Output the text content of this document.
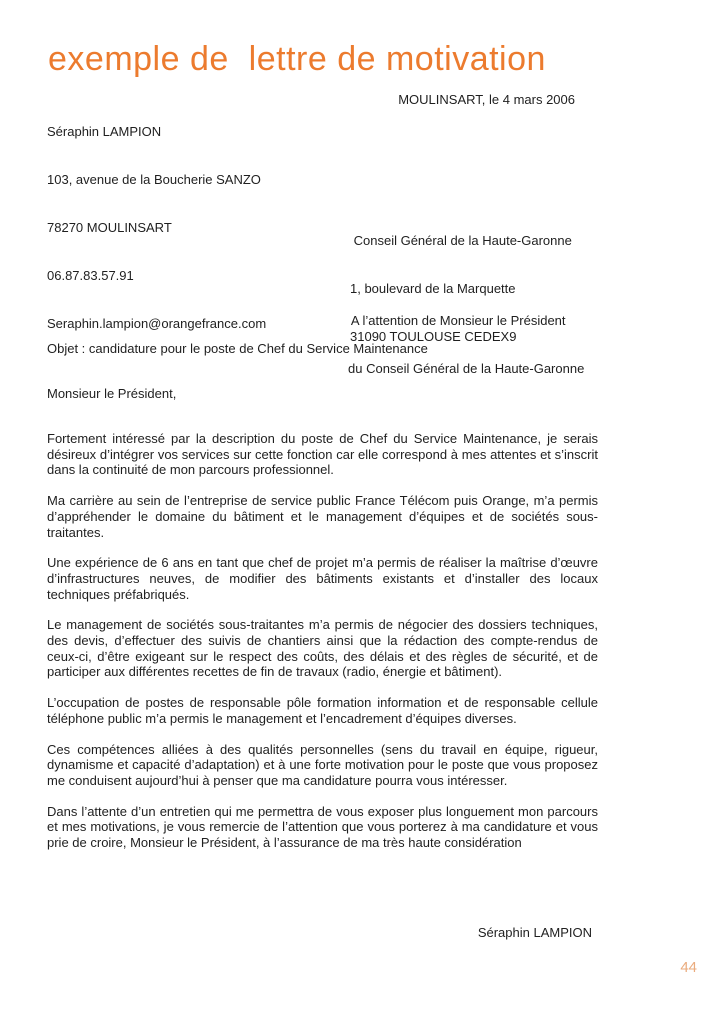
exemple de  lettre de motivation

Séraphin LAMPION

103, avenue de la Boucherie SANZO

78270 MOULINSART

06.87.83.57.91

Seraphin.lampion@orangefrance.com

MOULINSART, le 4 mars 2006

Conseil Général de la Haute-Garonne

1, boulevard de la Marquette

31090 TOULOUSE CEDEX9

A l’attention de Monsieur le Président

du Conseil Général de la Haute-Garonne

Objet : candidature pour le poste de Chef du Service Maintenance
Monsieur le Président,

Fortement intéressé par la description du poste de Chef du Service Maintenance, je serais désireux d’intégrer vos services sur cette fonction car elle correspond à mes attentes et s’inscrit dans la continuité de mon parcours professionnel.

Ma carrière au sein de l’entreprise de service public France Télécom puis Orange, m’a permis d’appréhender le domaine du bâtiment et le management d’équipes et de sociétés sous-traitantes.

Une expérience de 6 ans en tant que chef de projet m’a permis de réaliser la maîtrise d’œuvre d’infrastructures neuves, de modifier des bâtiments existants et d’installer des locaux techniques préfabriqués.

Le management de sociétés sous-traitantes m’a permis de négocier des dossiers techniques, des devis, d’effectuer des suivis de chantiers ainsi que la rédaction des compte-rendus de ceux-ci, d’être exigeant sur le respect des coûts, des délais et des règles de sécurité, et de participer aux différentes recettes de fin de travaux (radio, énergie et bâtiment).

L’occupation de postes de responsable pôle formation information et de responsable cellule téléphone public m’a permis le management et l’encadrement d’équipes diverses.

Ces compétences alliées à des qualités personnelles (sens du travail en équipe, rigueur, dynamisme et capacité d’adaptation) et à une forte motivation pour le poste que vous proposez me conduisent aujourd’hui à penser que ma candidature pourra vous intéresser.

Dans l’attente d’un entretien qui me permettra de vous exposer plus longuement mon parcours et mes motivations, je vous remercie de l’attention que vous porterez à ma candidature et vous prie de croire, Monsieur le Président, à l’assurance de ma très haute considération

Séraphin LAMPION
44
